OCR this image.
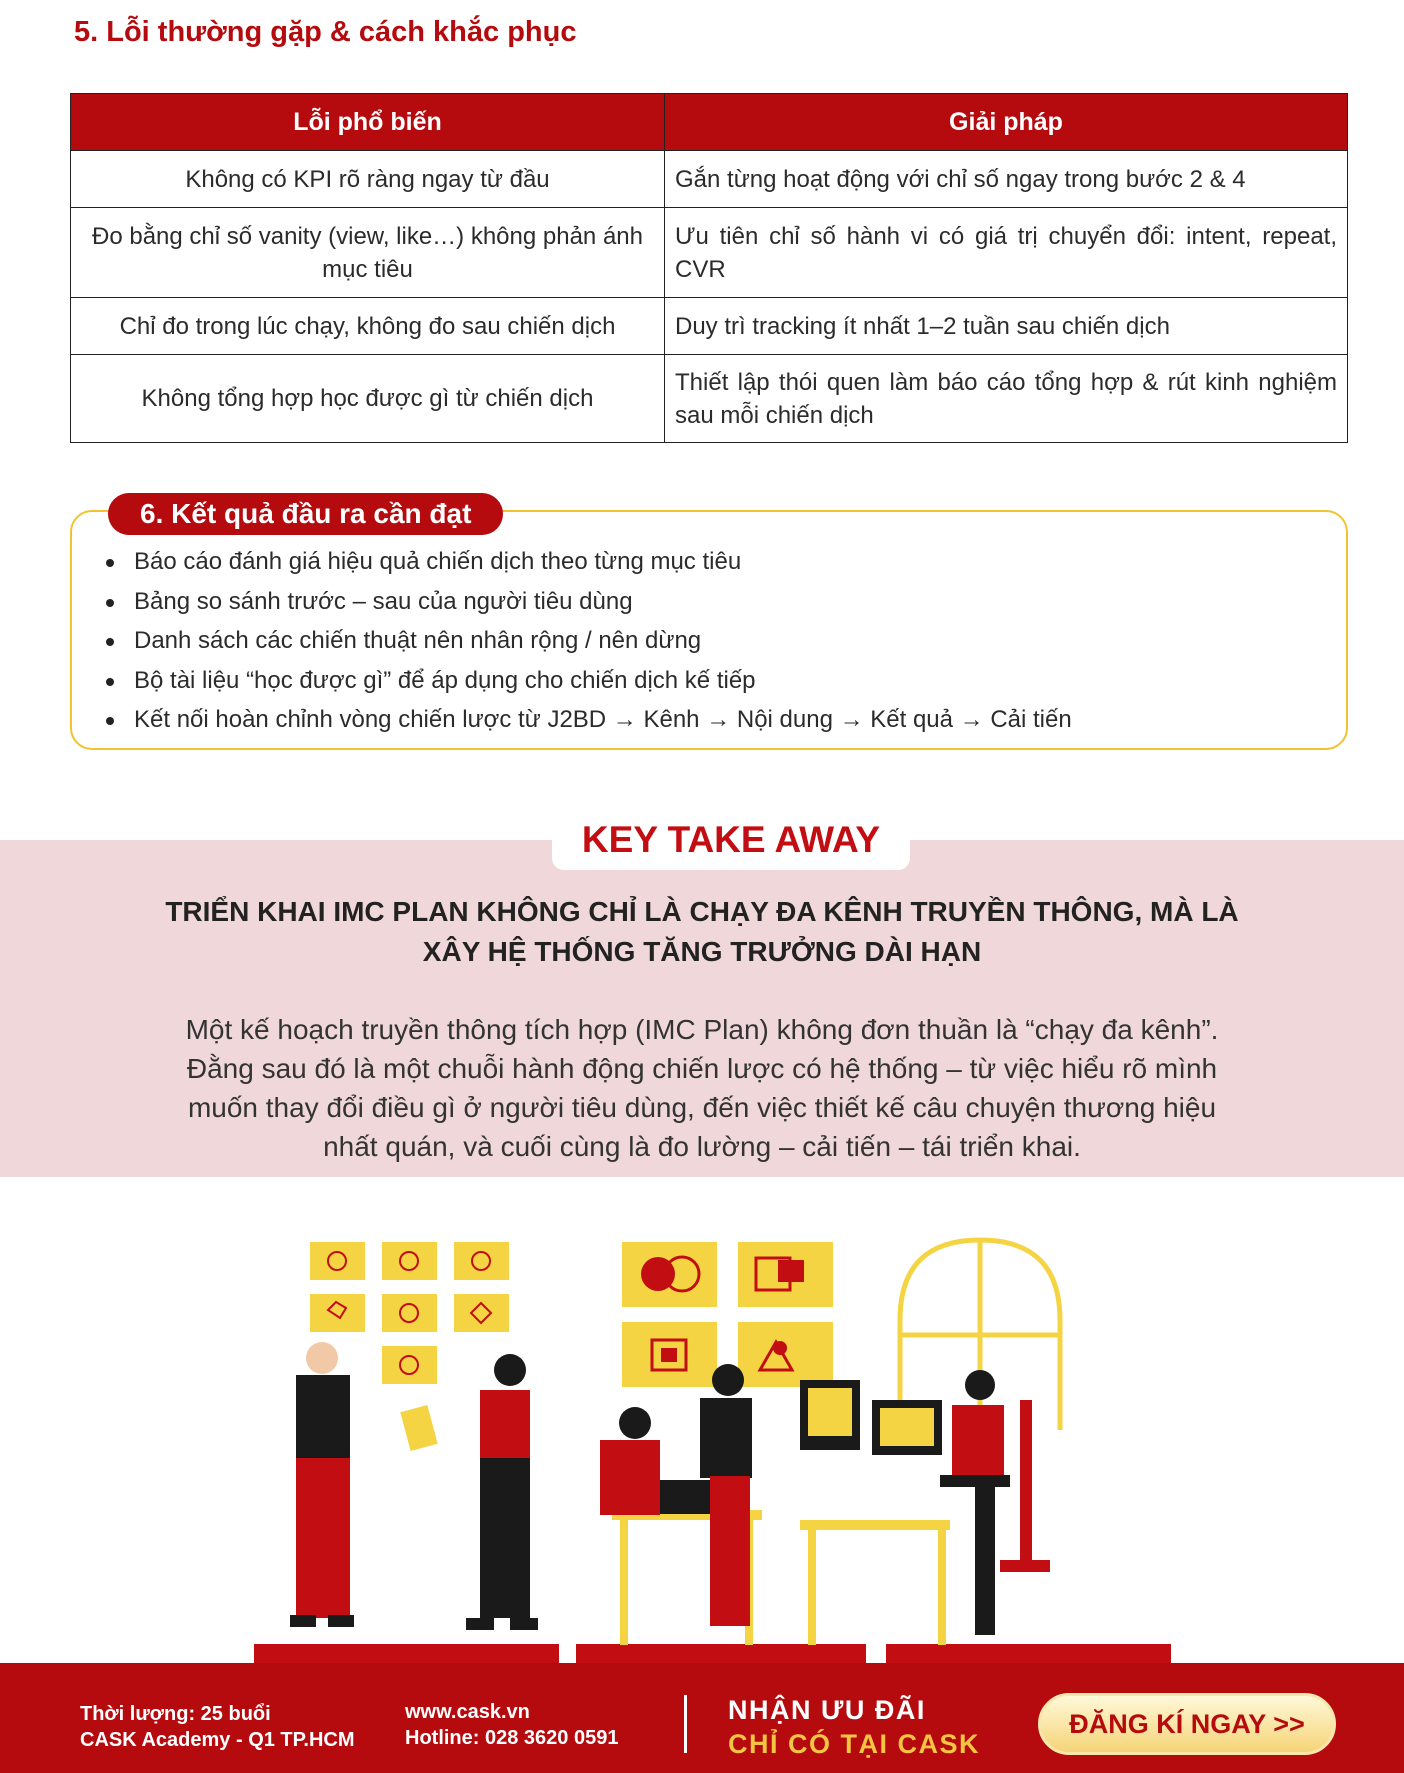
5. Lỗi thường gặp & cách khắc phục
Lỗi phổ biến	Giải pháp
Không có KPI rõ ràng ngay từ đầu	Gắn từng hoạt động với chỉ số ngay trong bước 2 & 4
Đo bằng chỉ số vanity (view, like…) không phản ánh mục tiêu	Ưu tiên chỉ số hành vi có giá trị chuyển đổi: intent, repeat, CVR
Chỉ đo trong lúc chạy, không đo sau chiến dịch	Duy trì tracking ít nhất 1–2 tuần sau chiến dịch
Không tổng hợp học được gì từ chiến dịch	Thiết lập thói quen làm báo cáo tổng hợp & rút kinh nghiệm sau mỗi chiến dịch
6. Kết quả đầu ra cần đạt
Báo cáo đánh giá hiệu quả chiến dịch theo từng mục tiêu
Bảng so sánh trước – sau của người tiêu dùng
Danh sách các chiến thuật nên nhân rộng / nên dừng
Bộ tài liệu “học được gì” để áp dụng cho chiến dịch kế tiếp
Kết nối hoàn chỉnh vòng chiến lược từ J2BD → Kênh → Nội dung → Kết quả → Cải tiến
KEY TAKE AWAY
TRIỂN KHAI IMC PLAN KHÔNG CHỈ LÀ CHẠY ĐA KÊNH TRUYỀN THÔNG, MÀ LÀ
XÂY HỆ THỐNG TĂNG TRƯỞNG DÀI HẠN
Một kế hoạch truyền thông tích hợp (IMC Plan) không đơn thuần là “chạy đa kênh”.
Đằng sau đó là một chuỗi hành động chiến lược có hệ thống – từ việc hiểu rõ mình
muốn thay đổi điều gì ở người tiêu dùng, đến việc thiết kế câu chuyện thương hiệu
nhất quán, và cuối cùng là đo lường – cải tiến – tái triển khai.
Thời lượng: 25 buổi
CASK Academy - Q1 TP.HCM
www.cask.vn
Hotline: 028 3620 0591
NHẬN ƯU ĐÃI
CHỈ CÓ TẠI CASK
ĐĂNG KÍ NGAY >>
